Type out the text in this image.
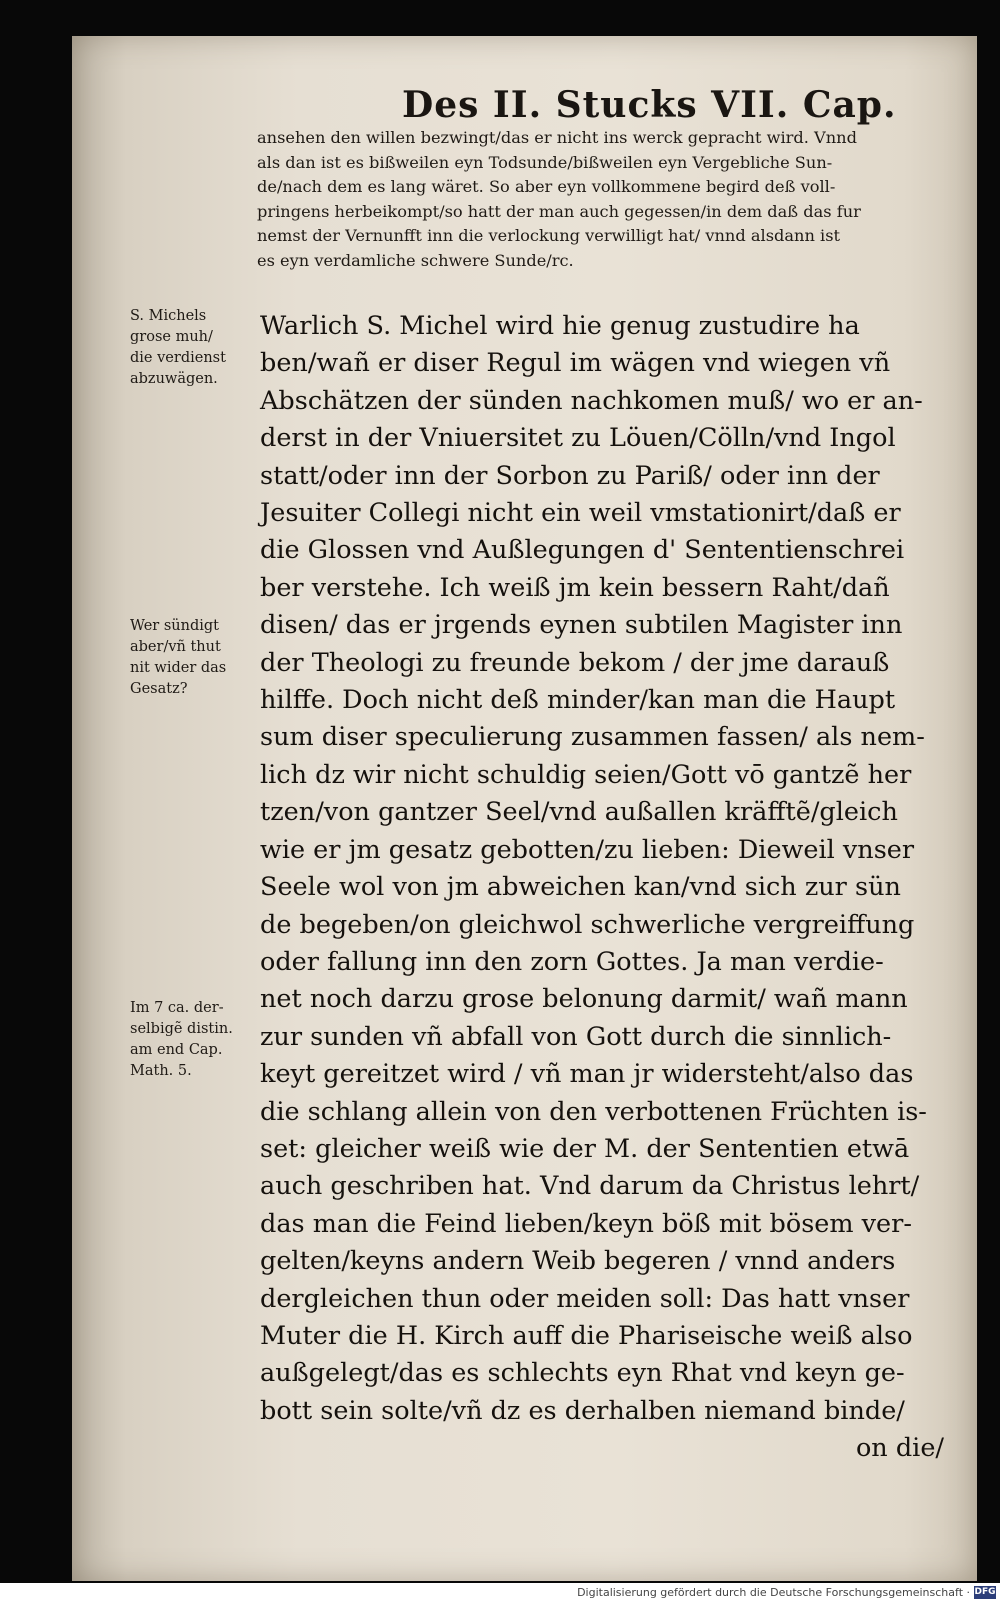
Des II. Stucks VII. Cap.
ansehen den willen bezwingt/das er nicht ins werck gepracht wird. Vnnd
als dan ist es bißweilen eyn Todsunde/bißweilen eyn Vergebliche Sun-
de/nach dem es lang wäret. So aber eyn vollkommene begird deß voll-
pringens herbeikompt/so hatt der man auch gegessen/in dem daß das fur
nemst der Vernunfft inn die verlockung verwilligt hat/ vnnd alsdann ist
es eyn verdamliche schwere Sunde/rc.
S. Michels
grose muh/
die verdienst
abzuwägen.
Wer sündigt
aber/vñ thut
nit wider das
Gesatz?
Im 7 ca. der-
selbigẽ distin.
am end Cap.
Math. 5.
Warlich S. Michel wird hie genug zustudire ha
ben/wañ er diser Regul im wägen vnd wiegen vñ
Abschätzen der sünden nachkomen muß/ wo er an-
derst in der Vniuersitet zu Löuen/Cölln/vnd Ingol
statt/oder inn der Sorbon zu Pariß/ oder inn der
Jesuiter Collegi nicht ein weil vmstationirt/daß er
die Glossen vnd Außlegungen d' Sententienschrei
ber verstehe. Ich weiß jm kein bessern Raht/dañ
disen/ das er jrgends eynen subtilen Magister inn
der Theologi zu freunde bekom / der jme darauß
hilffe. Doch nicht deß minder/kan man die Haupt
sum diser speculierung zusammen fassen/ als nem-
lich dz wir nicht schuldig seien/Gott vō gantzẽ her
tzen/von gantzer Seel/vnd außallen kräfftẽ/gleich
wie er jm gesatz gebotten/zu lieben: Dieweil vnser
Seele wol von jm abweichen kan/vnd sich zur sün
de begeben/on gleichwol schwerliche vergreiffung
oder fallung inn den zorn Gottes. Ja man verdie-
net noch darzu grose belonung darmit/ wañ mann
zur sunden vñ abfall von Gott durch die sinnlich-
keyt gereitzet wird / vñ man jr widersteht/also das
die schlang allein von den verbottenen Früchten is-
set: gleicher weiß wie der M. der Sententien etwā
auch geschriben hat. Vnd darum da Christus lehrt/
das man die Feind lieben/keyn böß mit bösem ver-
gelten/keyns andern Weib begeren / vnnd anders
dergleichen thun oder meiden soll: Das hatt vnser
Muter die H. Kirch auff die Phariseische weiß also
außgelegt/das es schlechts eyn Rhat vnd keyn ge-
bott sein solte/vñ dz es derhalben niemand binde/
on die/
Digitalisierung gefördert durch die Deutsche Forschungsgemeinschaft · DFG
